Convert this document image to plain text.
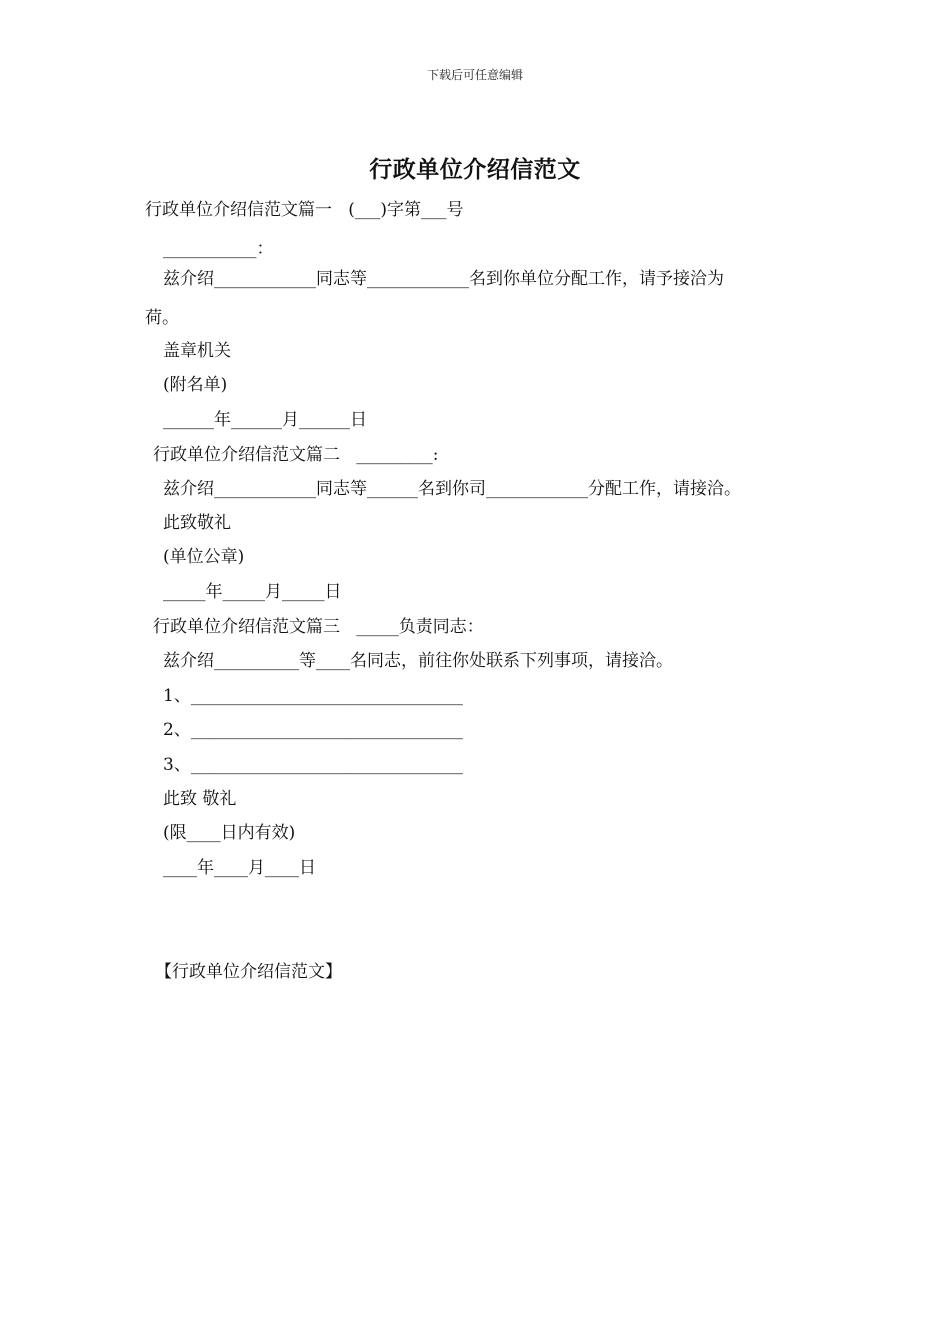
下载后可任意编辑
行政单位介绍信范文
行政单位介绍信范文篇一   (___)字第___号
___________：
兹介绍____________同志等____________名到你单位分配工作，请予接洽为
荷。
盖章机关
(附名单)
______年______月______日
行政单位介绍信范文篇二   _________:
兹介绍____________同志等______名到你司____________分配工作，请接洽。
此致敬礼
(单位公章)
_____年_____月_____日
行政单位介绍信范文篇三   _____负责同志：
兹介绍__________等____名同志，前往你处联系下列事项，请接洽。
1、________________________________
2、________________________________
3、________________________________
此致 敬礼
(限____日内有效)
____年____月____日
【行政单位介绍信范文】
